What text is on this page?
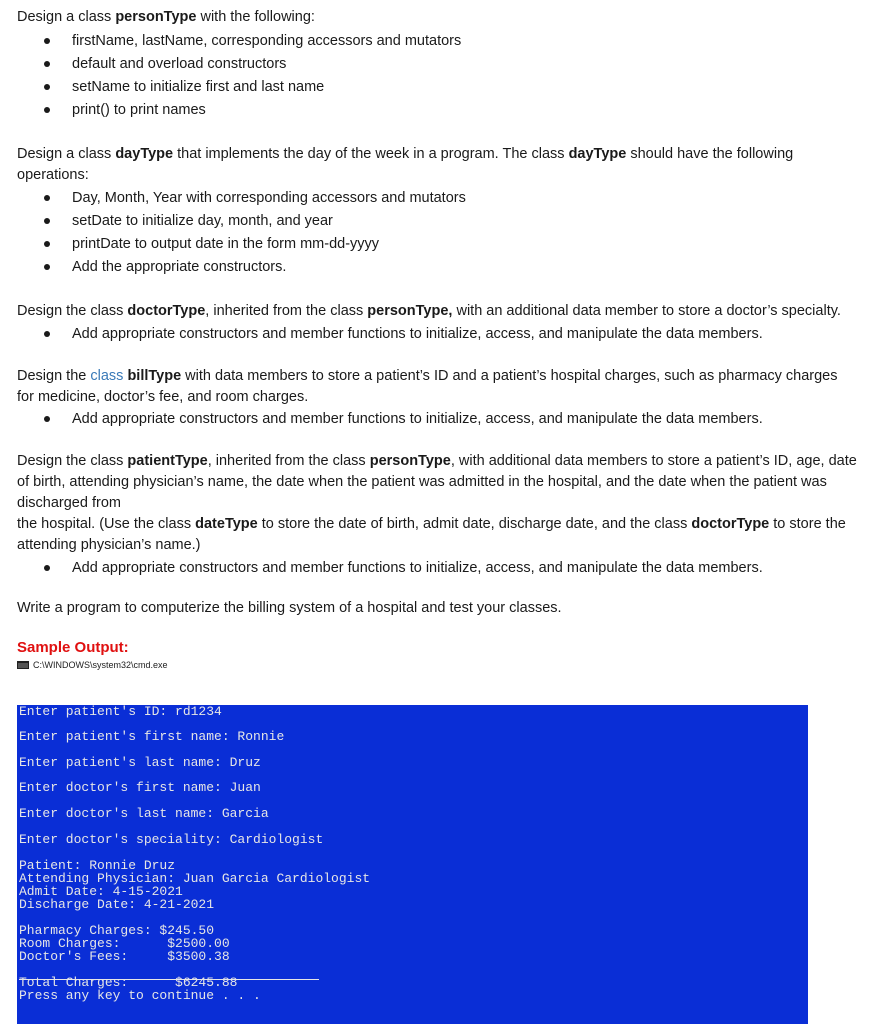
Design a class personType with the following:

firstName, lastName, corresponding accessors and mutators
default and overload constructors
setName to initialize first and last name
print() to print names

Design a class dayType that implements the day of the week in a program. The class dayType should have the following operations:

Day, Month, Year with corresponding accessors and mutators
setDate to initialize day, month, and year
printDate to output date in the form mm-dd-yyyy
Add the appropriate constructors.

Design the class doctorType, inherited from the class personType, with an additional data member to store a doctor’s specialty.

Add appropriate constructors and member functions to initialize, access, and manipulate the data members.

Design the class billType with data members to store a patient’s ID and a patient’s hospital charges, such as pharmacy charges for medicine, doctor’s fee, and room charges.

Add appropriate constructors and member functions to initialize, access, and manipulate the data members.

Design the class patientType, inherited from the class personType, with additional data members to store a patient’s ID, age, date of birth, attending physician’s name, the date when the patient was admitted in the hospital, and the date when the patient was discharged from

the hospital. (Use the class dateType to store the date of birth, admit date, discharge date, and the class doctorType to store the attending physician’s name.)

Add appropriate constructors and member functions to initialize, access, and manipulate the data members.

Write a program to computerize the billing system of a hospital and test your classes.

Sample Output:

C:\WINDOWS\system32\cmd.exe
Enter patient's ID: rd1234
Enter patient's first name: Ronnie
Enter patient's last name: Druz
Enter doctor's first name: Juan
Enter doctor's last name: Garcia
Enter doctor's speciality: Cardiologist
Patient: Ronnie Druz
Attending Physician: Juan Garcia Cardiologist
Admit Date: 4-15-2021
Discharge Date: 4-21-2021
Pharmacy Charges: $245.50
Room Charges:      $2500.00
Doctor's Fees:     $3500.38
Total Charges:      $6245.88
Press any key to continue . . .
